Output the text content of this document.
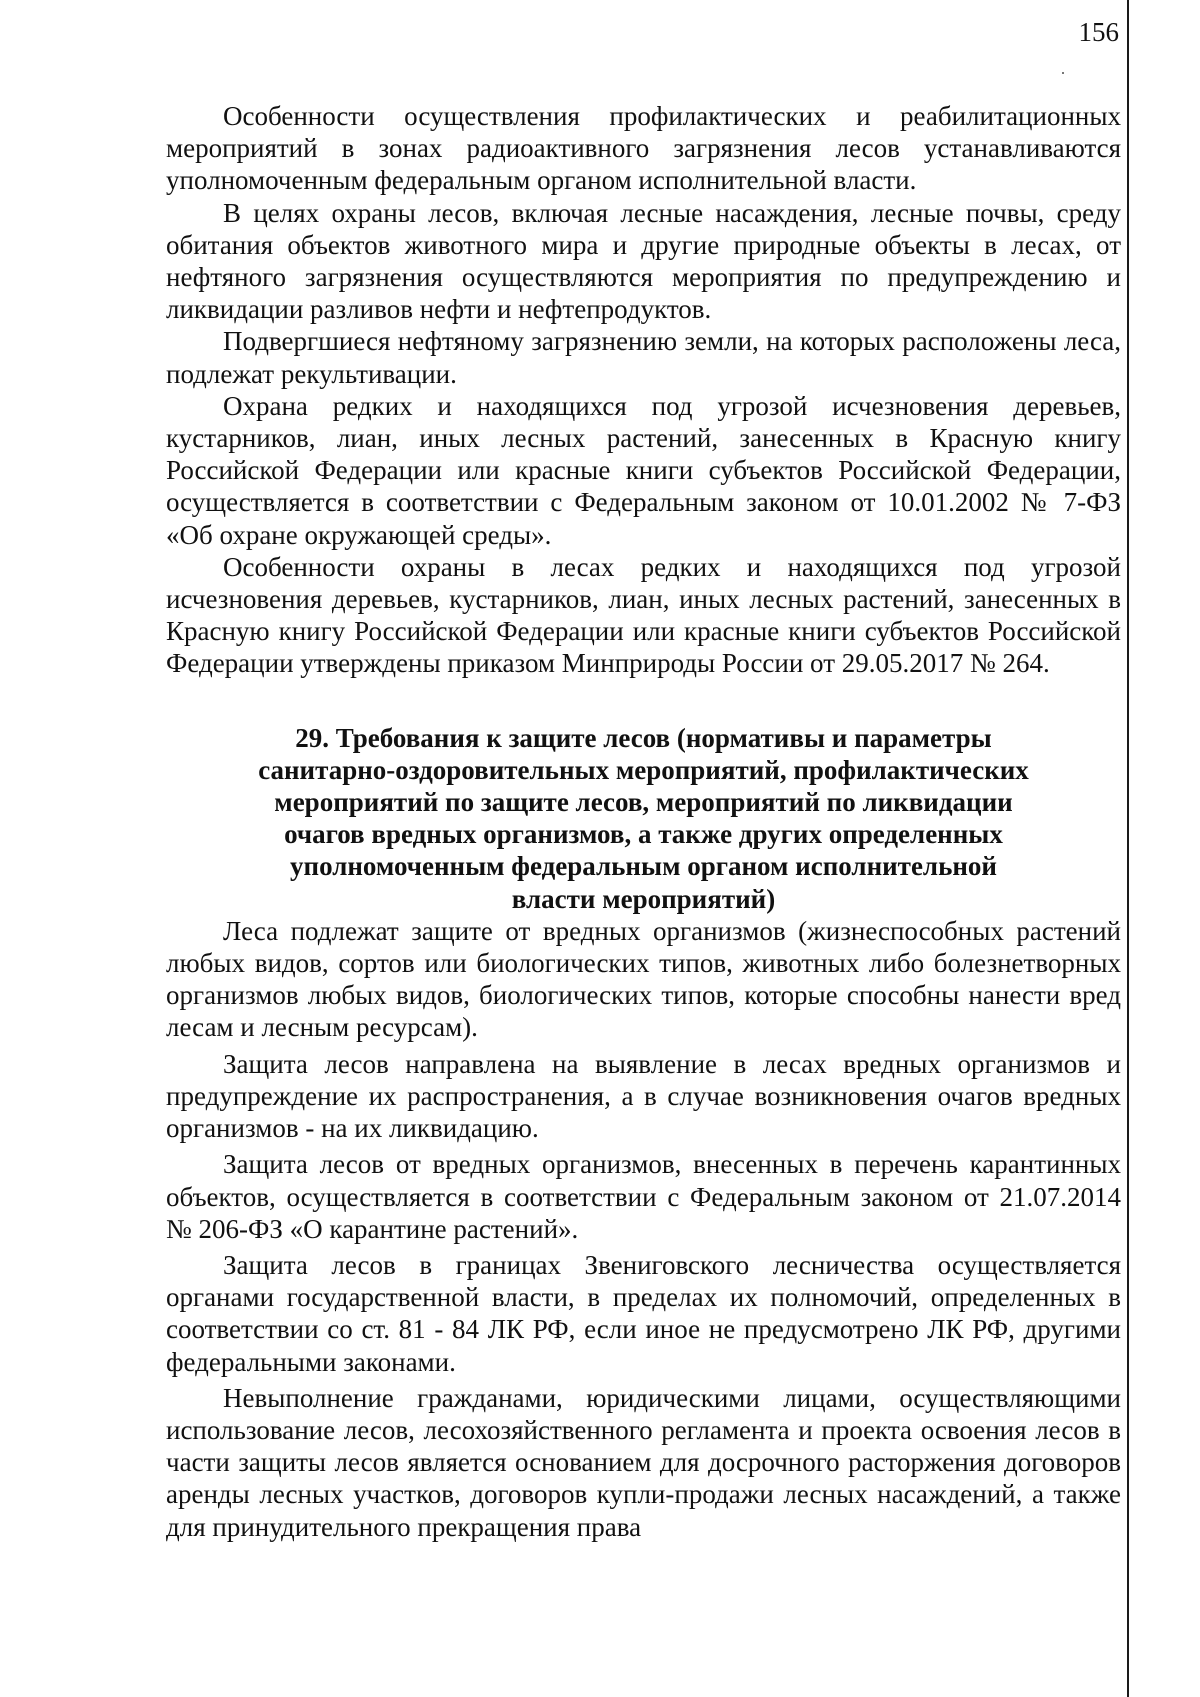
156

Особенности осуществления профилактических и реабилитационных мероприятий в зонах радиоактивного загрязнения лесов устанавливаются уполномоченным федеральным органом исполнительной власти.

В целях охраны лесов, включая лесные насаждения, лесные почвы, среду обитания объектов животного мира и другие природные объекты в лесах, от нефтяного загрязнения осуществляются мероприятия по предупреждению и ликвидации разливов нефти и нефтепродуктов.

Подвергшиеся нефтяному загрязнению земли, на которых расположены леса, подлежат рекультивации.

Охрана редких и находящихся под угрозой исчезновения деревьев, кустарников, лиан, иных лесных растений, занесенных в Красную книгу Российской Федерации или красные книги субъектов Российской Федерации, осуществляется в соответствии с Федеральным законом от 10.01.2002 № 7-ФЗ «Об охране окружающей среды».

Особенности охраны в лесах редких и находящихся под угрозой исчезновения деревьев, кустарников, лиан, иных лесных растений, занесенных в Красную книгу Российской Федерации или красные книги субъектов Российской Федерации утверждены приказом Минприроды России от 29.05.2017 № 264.

29. Требования к защите лесов (нормативы и параметры
санитарно-оздоровительных мероприятий, профилактических
мероприятий по защите лесов, мероприятий по ликвидации
очагов вредных организмов, а также других определенных
уполномоченным федеральным органом исполнительной
власти мероприятий)

Леса подлежат защите от вредных организмов (жизнеспособных растений любых видов, сортов или биологических типов, животных либо болезнетворных организмов любых видов, биологических типов, которые способны нанести вред лесам и лесным ресурсам).

Защита лесов направлена на выявление в лесах вредных организмов и предупреждение их распространения, а в случае возникновения очагов вредных организмов - на их ликвидацию.

Защита лесов от вредных организмов, внесенных в перечень карантинных объектов, осуществляется в соответствии с Федеральным законом от 21.07.2014 № 206-ФЗ «О карантине растений».

Защита лесов в границах Звениговского лесничества осуществляется органами государственной власти, в пределах их полномочий, определенных в соответствии со ст. 81 - 84 ЛК РФ, если иное не предусмотрено ЛК РФ, другими федеральными законами.

Невыполнение гражданами, юридическими лицами, осуществляющими использование лесов, лесохозяйственного регламента и проекта освоения лесов в части защиты лесов является основанием для досрочного расторжения договоров аренды лесных участков, договоров купли-продажи лесных насаждений, а также для принудительного прекращения права
